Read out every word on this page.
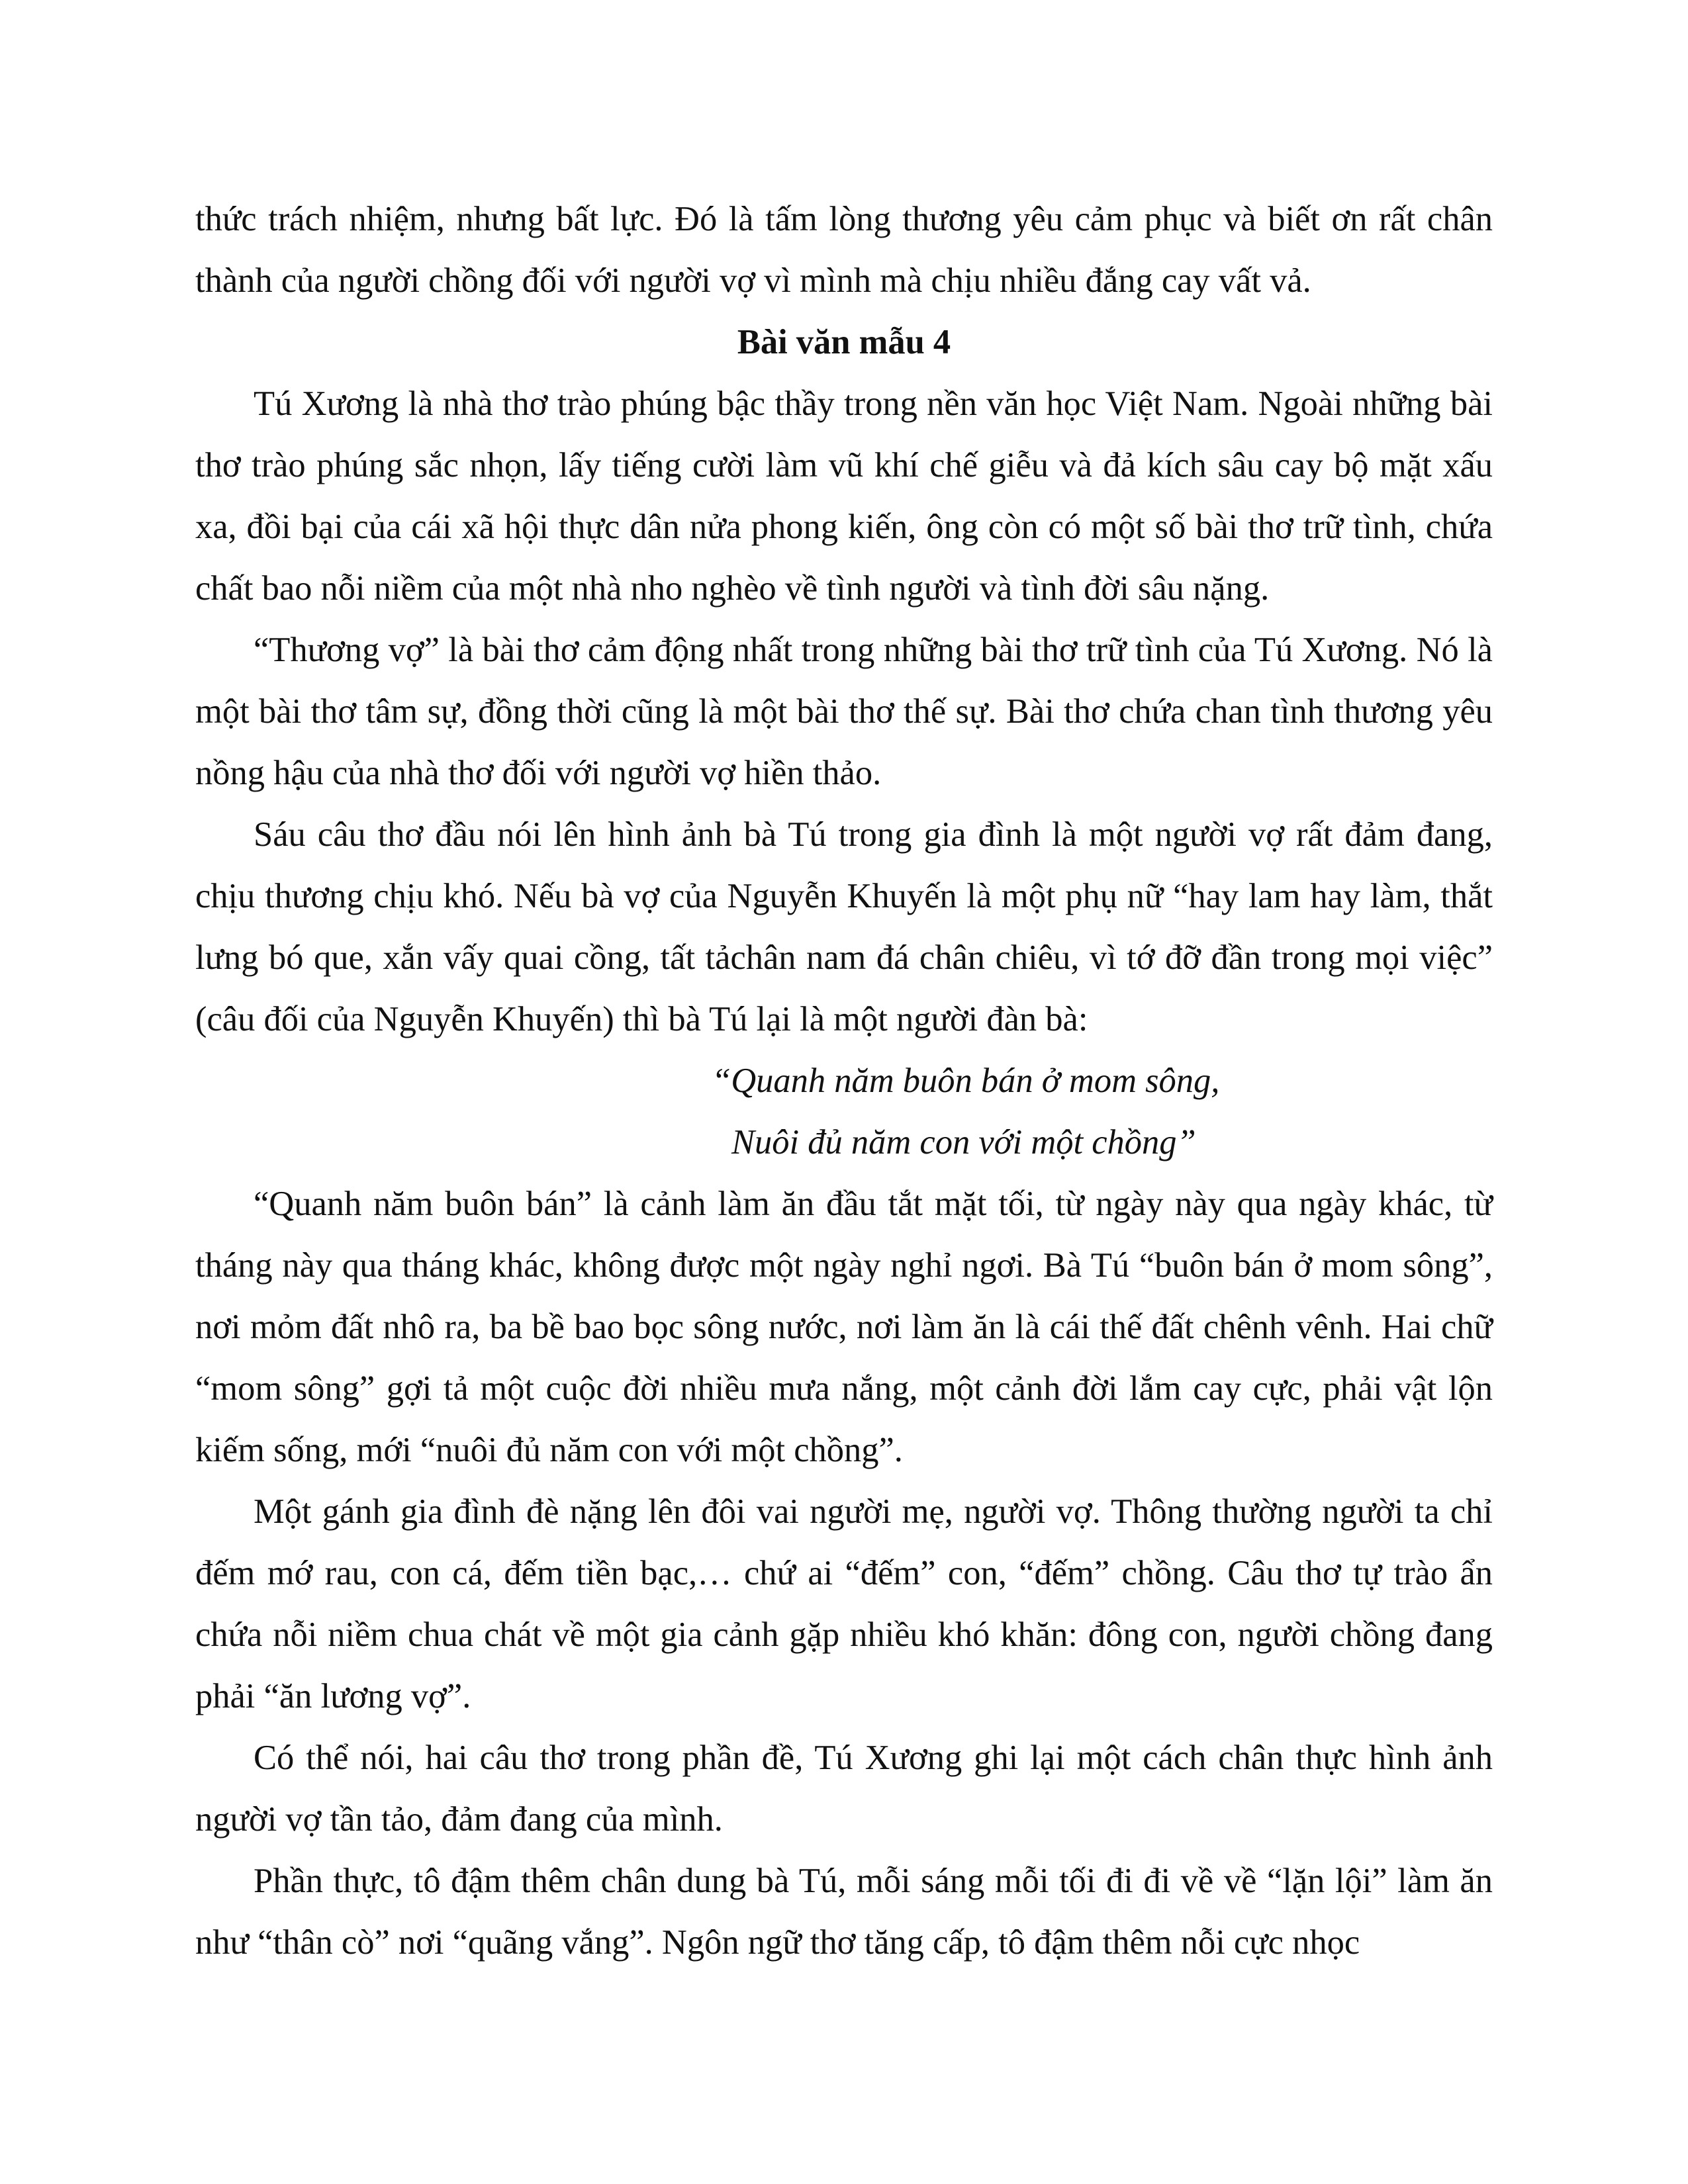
thức trách nhiệm, nhưng bất lực. Đó là tấm lòng thương yêu cảm phục và biết ơn rất chân thành của người chồng đối với người vợ vì mình mà chịu nhiều đắng cay vất vả.

Bài văn mẫu 4

Tú Xương là nhà thơ trào phúng bậc thầy trong nền văn học Việt Nam. Ngoài những bài thơ trào phúng sắc nhọn, lấy tiếng cười làm vũ khí chế giễu và đả kích sâu cay bộ mặt xấu xa, đồi bại của cái xã hội thực dân nửa phong kiến, ông còn có một số bài thơ trữ tình, chứa chất bao nỗi niềm của một nhà nho nghèo về tình người và tình đời sâu nặng.

“Thương vợ” là bài thơ cảm động nhất trong những bài thơ trữ tình của Tú Xương. Nó là một bài thơ tâm sự, đồng thời cũng là một bài thơ thế sự. Bài thơ chứa chan tình thương yêu nồng hậu của nhà thơ đối với người vợ hiền thảo.

Sáu câu thơ đầu nói lên hình ảnh bà Tú trong gia đình là một người vợ rất đảm đang, chịu thương chịu khó. Nếu bà vợ của Nguyễn Khuyến là một phụ nữ “hay lam hay làm, thắt lưng bó que, xắn vấy quai cồng, tất tảchân nam đá chân chiêu, vì tớ đỡ đần trong mọi việc” (câu đối của Nguyễn Khuyến) thì bà Tú lại là một người đàn bà:

“Quanh năm buôn bán ở mom sông,
Nuôi đủ năm con với một chồng”

“Quanh năm buôn bán” là cảnh làm ăn đầu tắt mặt tối, từ ngày này qua ngày khác, từ tháng này qua tháng khác, không được một ngày nghỉ ngơi. Bà Tú “buôn bán ở mom sông”, nơi mỏm đất nhô ra, ba bề bao bọc sông nước, nơi làm ăn là cái thế đất chênh vênh. Hai chữ “mom sông” gợi tả một cuộc đời nhiều mưa nắng, một cảnh đời lắm cay cực, phải vật lộn kiếm sống, mới “nuôi đủ năm con với một chồng”.

Một gánh gia đình đè nặng lên đôi vai người mẹ, người vợ. Thông thường người ta chỉ đếm mớ rau, con cá, đếm tiền bạc,… chứ ai “đếm” con, “đếm” chồng. Câu thơ tự trào ẩn chứa nỗi niềm chua chát về một gia cảnh gặp nhiều khó khăn: đông con, người chồng đang phải “ăn lương vợ”.

Có thể nói, hai câu thơ trong phần đề, Tú Xương ghi lại một cách chân thực hình ảnh người vợ tần tảo, đảm đang của mình.

Phần thực, tô đậm thêm chân dung bà Tú, mỗi sáng mỗi tối đi đi về về “lặn lội” làm ăn như “thân cò” nơi “quãng vắng”. Ngôn ngữ thơ tăng cấp, tô đậm thêm nỗi cực nhọc
